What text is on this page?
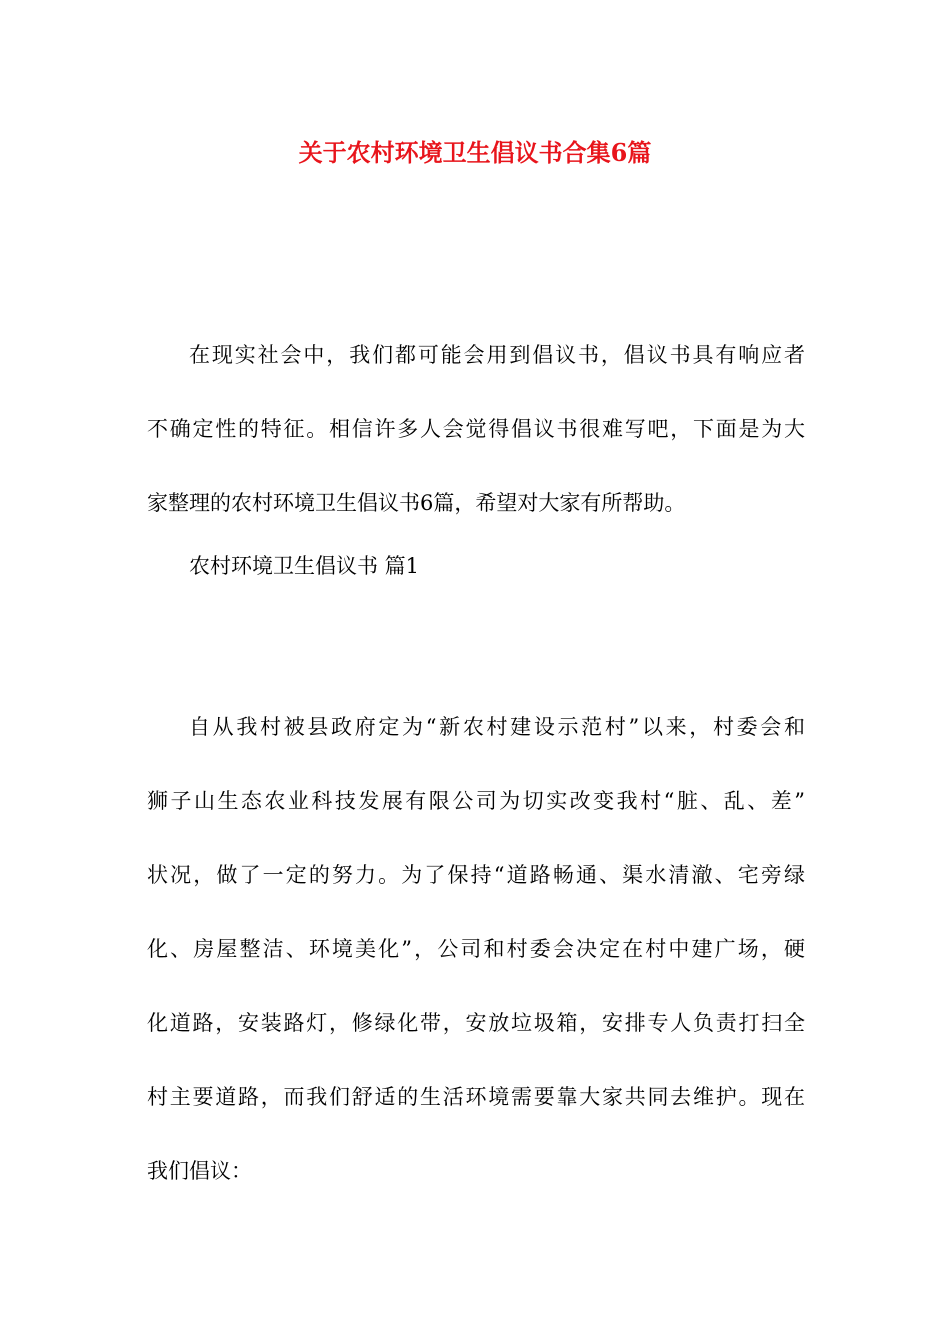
关于农村环境卫生倡议书合集6篇
在现实社会中，我们都可能会用到倡议书，倡议书具有响应者
不确定性的特征。相信许多人会觉得倡议书很难写吧，下面是为大
家整理的农村环境卫生倡议书6篇，希望对大家有所帮助。

农村环境卫生倡议书 篇1

自从我村被县政府定为“新农村建设示范村”以来，村委会和
狮子山生态农业科技发展有限公司为切实改变我村“脏、乱、差”
状况，做了一定的努力。为了保持“道路畅通、渠水清澈、宅旁绿
化、房屋整洁、环境美化”，公司和村委会决定在村中建广场，硬
化道路，安装路灯，修绿化带，安放垃圾箱，安排专人负责打扫全
村主要道路，而我们舒适的生活环境需要靠大家共同去维护。现在
我们倡议：
